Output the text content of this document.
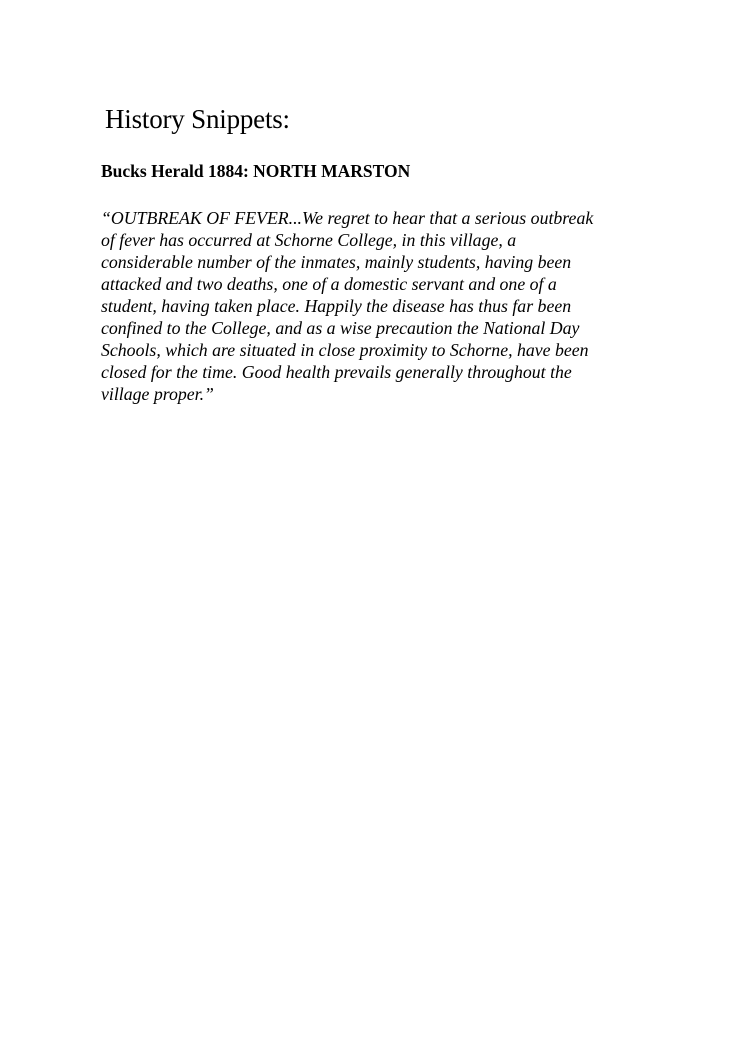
History Snippets:
Bucks Herald 1884: NORTH MARSTON

“OUTBREAK OF FEVER...We regret to hear that a serious outbreak
of fever has occurred at Schorne College, in this village, a
considerable number of the inmates, mainly students, having been
attacked and two deaths, one of a domestic servant and one of a
student, having taken place. Happily the disease has thus far been
confined to the College, and as a wise precaution the National Day
Schools, which are situated in close proximity to Schorne, have been
closed for the time. Good health prevails generally throughout the
village proper.”
